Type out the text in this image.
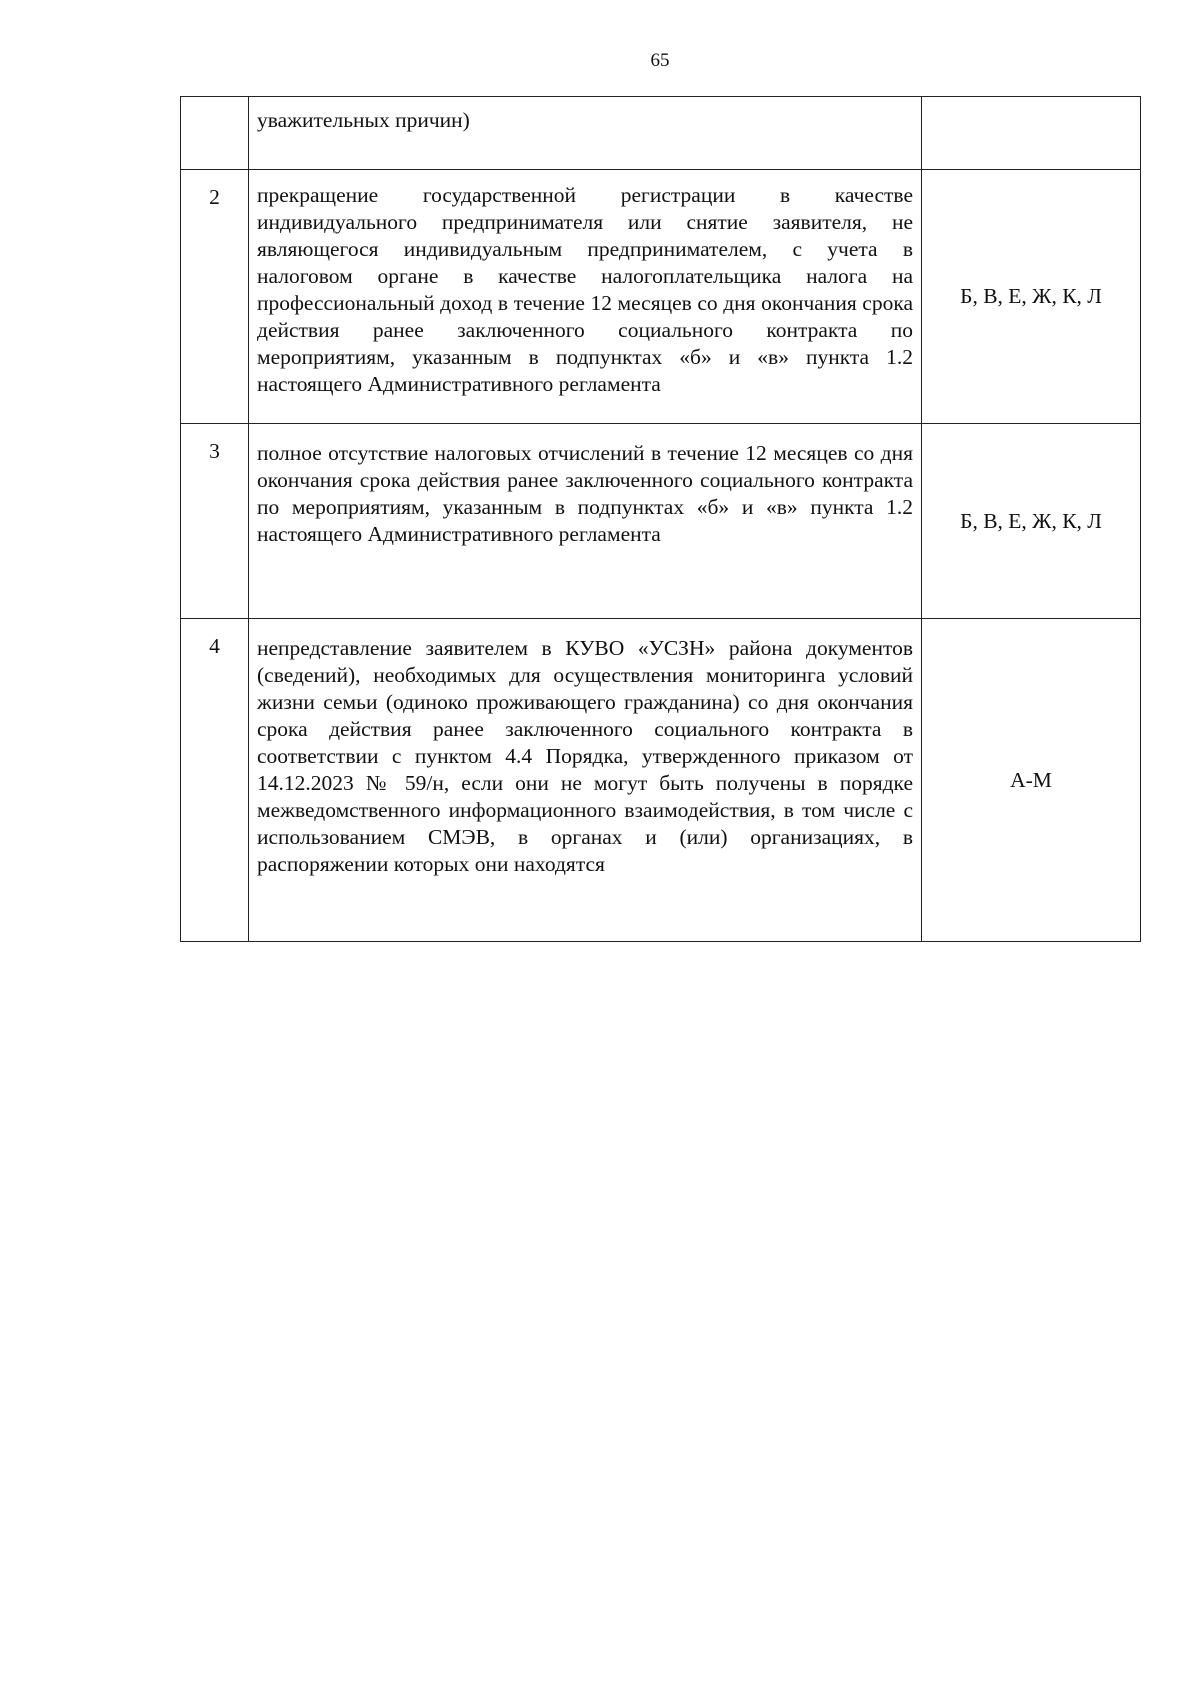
65
	уважительных причин)	
2	прекращение государственной регистрации в качестве индивидуального предпринимателя или снятие заявителя, не являющегося индивидуальным предпринимателем, с учета в налоговом органе в качестве налогоплательщика налога на профессиональный доход в течение 12 месяцев со дня окончания срока действия ранее заключенного социального контракта по мероприятиям, указанным в подпунктах «б» и «в» пункта 1.2 настоящего Административного регламента	Б, В, Е, Ж, К, Л
3	полное отсутствие налоговых отчислений в течение 12 месяцев со дня окончания срока действия ранее заключенного социального контракта по мероприятиям, указанным в подпунктах «б» и «в» пункта 1.2 настоящего Административного регламента	Б, В, Е, Ж, К, Л
4	непредставление заявителем в КУВО «УСЗН» района документов (сведений), необходимых для осуществления мониторинга условий жизни семьи (одиноко проживающего гражданина) со дня окончания срока действия ранее заключенного социального контракта в соответствии с пунктом 4.4 Порядка, утвержденного приказом от 14.12.2023 № 59/н, если они не могут быть получены в порядке межведомственного информационного взаимодействия, в том числе с использованием СМЭВ, в органах и (или) организациях, в распоряжении которых они находятся	А-М
